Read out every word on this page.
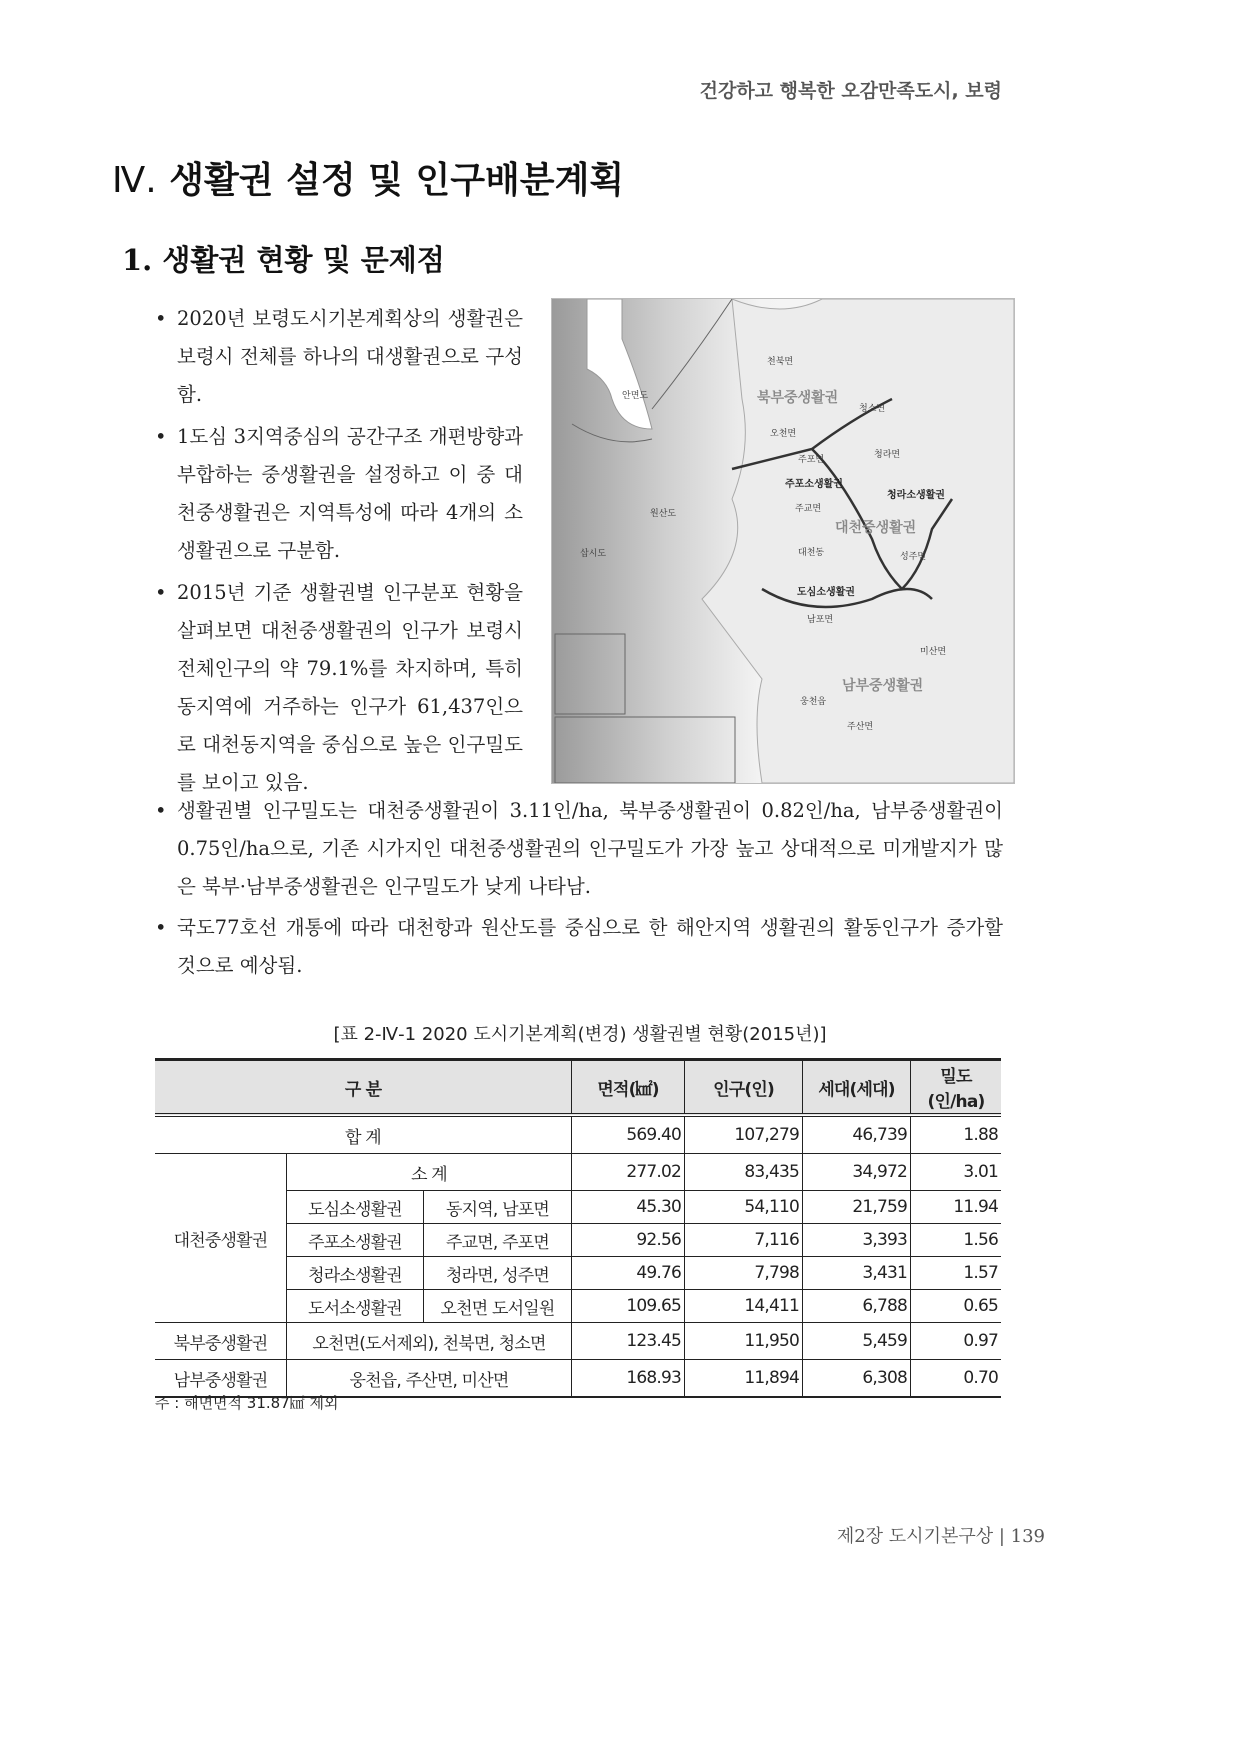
건강하고 행복한 오감만족도시, 보령
Ⅳ. 생활권 설정 및 인구배분계획
1. 생활권 현황 및 문제점
• 2020년 보령도시기본계획상의 생활권은 보령시 전체를 하나의 대생활권으로 구성함.
• 1도심 3지역중심의 공간구조 개편방향과 부합하는 중생활권을 설정하고 이 중 대천중생활권은 지역특성에 따라 4개의 소생활권으로 구분함.
• 2015년 기준 생활권별 인구분포 현황을 살펴보면 대천중생활권의 인구가 보령시 전체인구의 약 79.1%를 차지하며, 특히 동지역에 거주하는 인구가 61,437인으로 대천동지역을 중심으로 높은 인구밀도를 보이고 있음.
천북면
안면도	북부중생활권
청소면
오천면
주포면	청라면
주포소생활권
청라소생활권
주교면
원산도
대천중생활권
삽시도	대천동	성주면
도심소생활권
남포면
미산면
남부중생활권
웅천읍
주산면
• 생활권별 인구밀도는 대천중생활권이 3.11인/ha, 북부중생활권이 0.82인/ha, 남부중생활권이 0.75인/ha으로, 기존 시가지인 대천중생활권의 인구밀도가 가장 높고 상대적으로 미개발지가 많은 북부·남부중생활권은 인구밀도가 낮게 나타남.
• 국도77호선 개통에 따라 대천항과 원산도를 중심으로 한 해안지역 생활권의 활동인구가 증가할 것으로 예상됨.
[표 2-Ⅳ-1 2020 도시기본계획(변경) 생활권별 현황(2015년)]
구 분			면적(㎢)	인구(인)	세대(세대)	밀도(인/ha)
합 계			569.40	107,279	46,739	1.88
대천중생활권	소 계		277.02	83,435	34,972	3.01
	도심소생활권	동지역, 남포면	45.30	54,110	21,759	11.94
	주포소생활권	주교면, 주포면	92.56	7,116	3,393	1.56
	청라소생활권	청라면, 성주면	49.76	7,798	3,431	1.57
	도서소생활권	오천면 도서일원	109.65	14,411	6,788	0.65
북부중생활권	오천면(도서제외), 천북면, 청소면		123.45	11,950	5,459	0.97
남부중생활권	웅천읍, 주산면, 미산면		168.93	11,894	6,308	0.70
주 : 해면면적 31.87㎢ 제외
제2장 도시기본구상 | 139
